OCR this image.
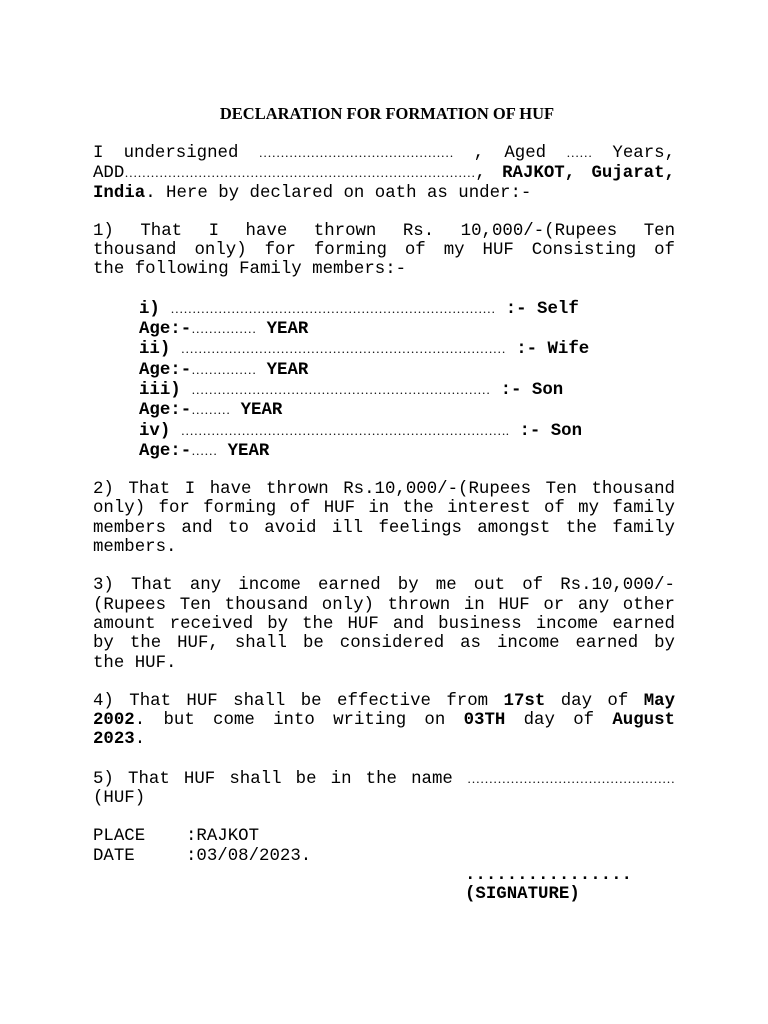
DECLARATION FOR FORMATION OF HUF
I undersigned ……………………………………… , Aged …… Years,
ADD………………………………………………………………………, RAJKOT, Gujarat,
India. Here by declared on oath as under:-
1) That I have thrown Rs. 10,000/-(Rupees Ten
thousand only) for forming of my HUF Consisting of
the following Family members:-
i) ………………………………………………………………… :- Self
Age:-…………… YEAR
ii) ………………………………………………………………… :- Wife
Age:-…………… YEAR
iii) …………………………………………………………… :- Son
Age:-……… YEAR
iv) …………………………………………………………………. :- Son
Age:-…… YEAR
2) That I have thrown Rs.10,000/-(Rupees Ten thousand
only) for forming of HUF in the interest of my family
members and to avoid ill feelings amongst the family
members.
3) That any income earned by me out of Rs.10,000/-
(Rupees Ten thousand only) thrown in HUF or any other
amount received by the HUF and business income earned
by the HUF, shall be considered as income earned by
the HUF.
4) That HUF shall be effective from 17st day of May
2002. but come into writing on 03TH day of August
2023.
5) That HUF shall be in the name …………………………………………
(HUF)
PLACE :RAJKOT
DATE	:03/08/2023.
................
(SIGNATURE)
